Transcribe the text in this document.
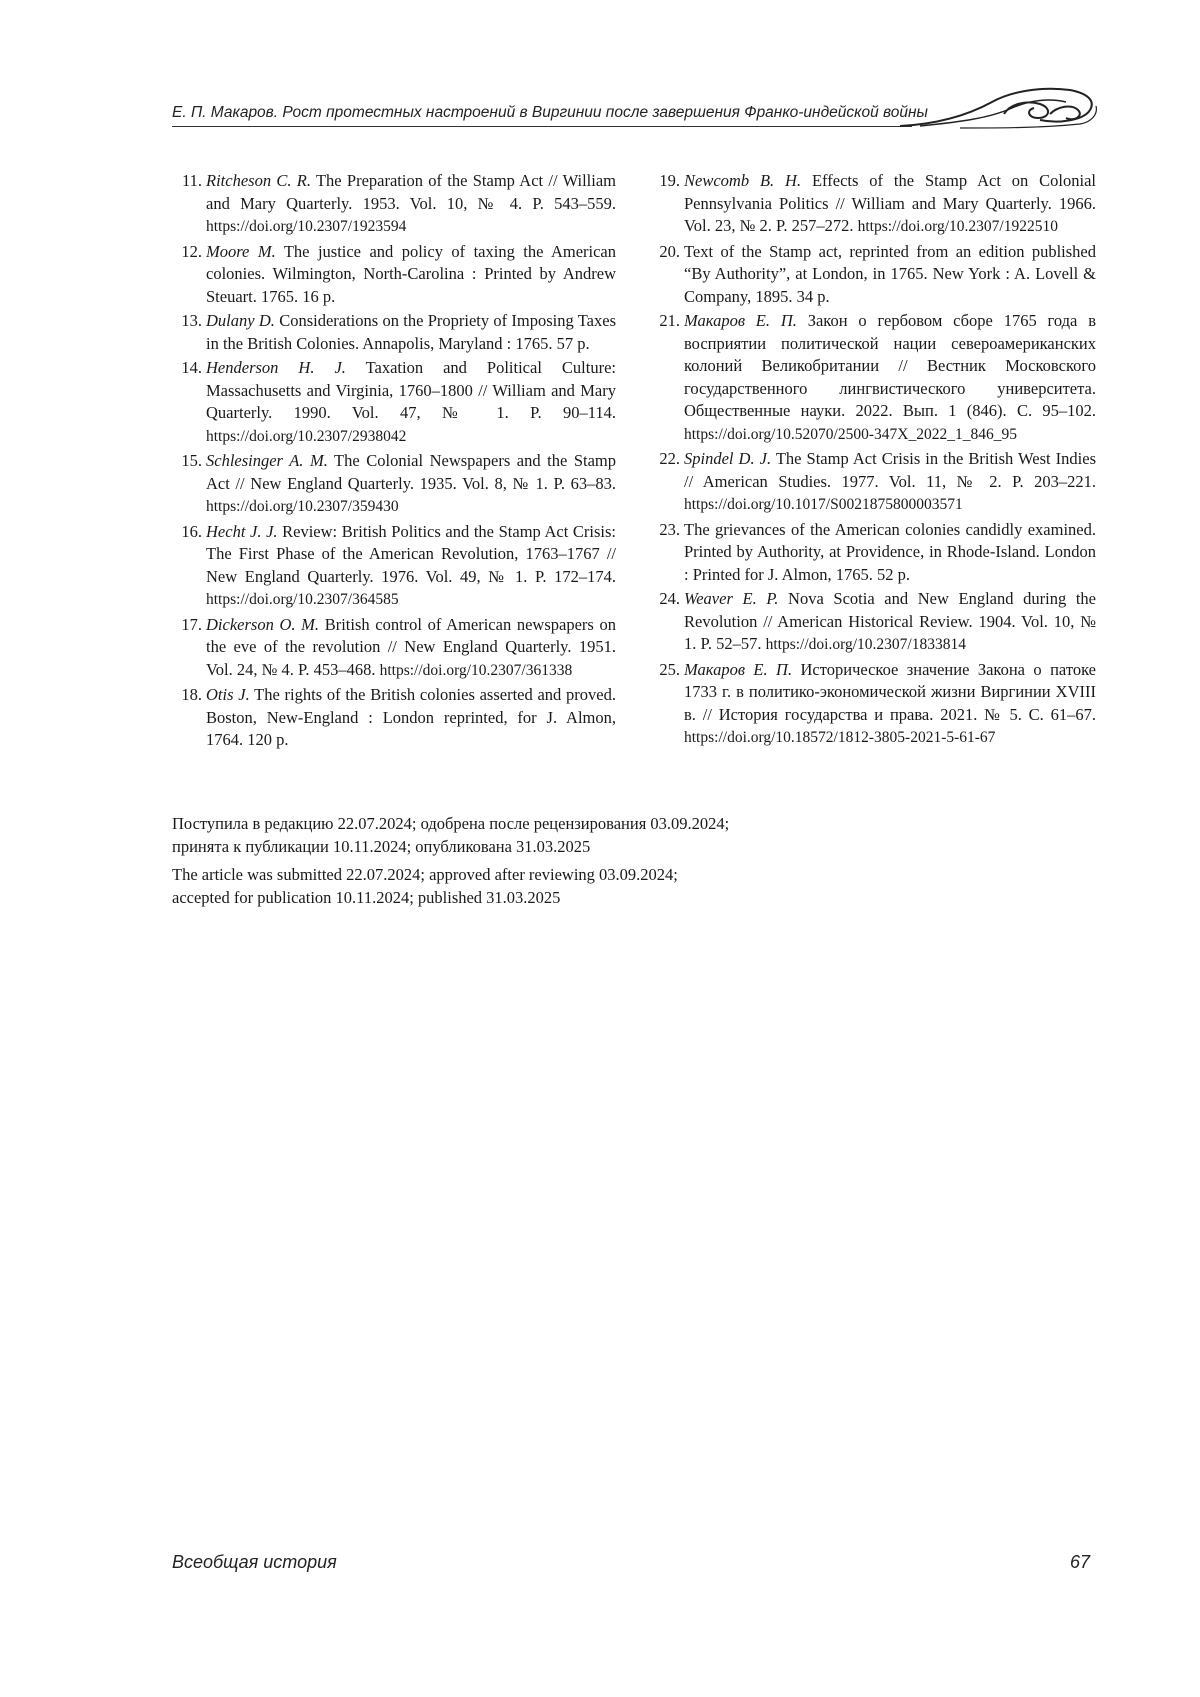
Е. П. Макаров. Рост протестных настроений в Виргинии после завершения Франко-индейской войны
11. Ritcheson C. R. The Preparation of the Stamp Act // William and Mary Quarterly. 1953. Vol. 10, № 4. P. 543–559. https://doi.org/10.2307/1923594
12. Moore M. The justice and policy of taxing the American colonies. Wilmington, North-Carolina : Printed by Andrew Steuart. 1765. 16 p.
13. Dulany D. Considerations on the Propriety of Imposing Taxes in the British Colonies. Annapolis, Maryland : 1765. 57 p.
14. Henderson H. J. Taxation and Political Culture: Massachusetts and Virginia, 1760–1800 // William and Mary Quarterly. 1990. Vol. 47, № 1. P. 90–114. https://doi.org/10.2307/2938042
15. Schlesinger A. M. The Colonial Newspapers and the Stamp Act // New England Quarterly. 1935. Vol. 8, № 1. P. 63–83. https://doi.org/10.2307/359430
16. Hecht J. J. Review: British Politics and the Stamp Act Crisis: The First Phase of the American Revolution, 1763–1767 // New England Quarterly. 1976. Vol. 49, № 1. P. 172–174. https://doi.org/10.2307/364585
17. Dickerson O. M. British control of American newspapers on the eve of the revolution // New England Quarterly. 1951. Vol. 24, № 4. P. 453–468. https://doi.org/10.2307/361338
18. Otis J. The rights of the British colonies asserted and proved. Boston, New-England : London reprinted, for J. Almon, 1764. 120 p.
19. Newcomb B. H. Effects of the Stamp Act on Colonial Pennsylvania Politics // William and Mary Quarterly. 1966. Vol. 23, № 2. P. 257–272. https://doi.org/10.2307/1922510
20. Text of the Stamp act, reprinted from an edition published “By Authority”, at London, in 1765. New York : A. Lovell & Company, 1895. 34 p.
21. Макаров Е. П. Закон о гербовом сборе 1765 года в восприятии политической нации североамериканских колоний Великобритании // Вестник Московского государственного лингвистического университета. Общественные науки. 2022. Вып. 1 (846). С. 95–102. https://doi.org/10.52070/2500-347X_2022_1_846_95
22. Spindel D. J. The Stamp Act Crisis in the British West Indies // American Studies. 1977. Vol. 11, № 2. P. 203–221. https://doi.org/10.1017/S0021875800003571
23. The grievances of the American colonies candidly examined. Printed by Authority, at Providence, in Rhode-Island. London : Printed for J. Almon, 1765. 52 p.
24. Weaver E. P. Nova Scotia and New England during the Revolution // American Historical Review. 1904. Vol. 10, № 1. P. 52–57. https://doi.org/10.2307/1833814
25. Макаров Е. П. Историческое значение Закона о патоке 1733 г. в политико-экономической жизни Виргинии XVIII в. // История государства и права. 2021. № 5. С. 61–67. https://doi.org/10.18572/1812-3805-2021-5-61-67

Поступила в редакцию 22.07.2024; одобрена после рецензирования 03.09.2024;
принята к публикации 10.11.2024; опубликована 31.03.2025

The article was submitted 22.07.2024; approved after reviewing 03.09.2024;
accepted for publication 10.11.2024; published 31.03.2025

Всеобщая история	67
